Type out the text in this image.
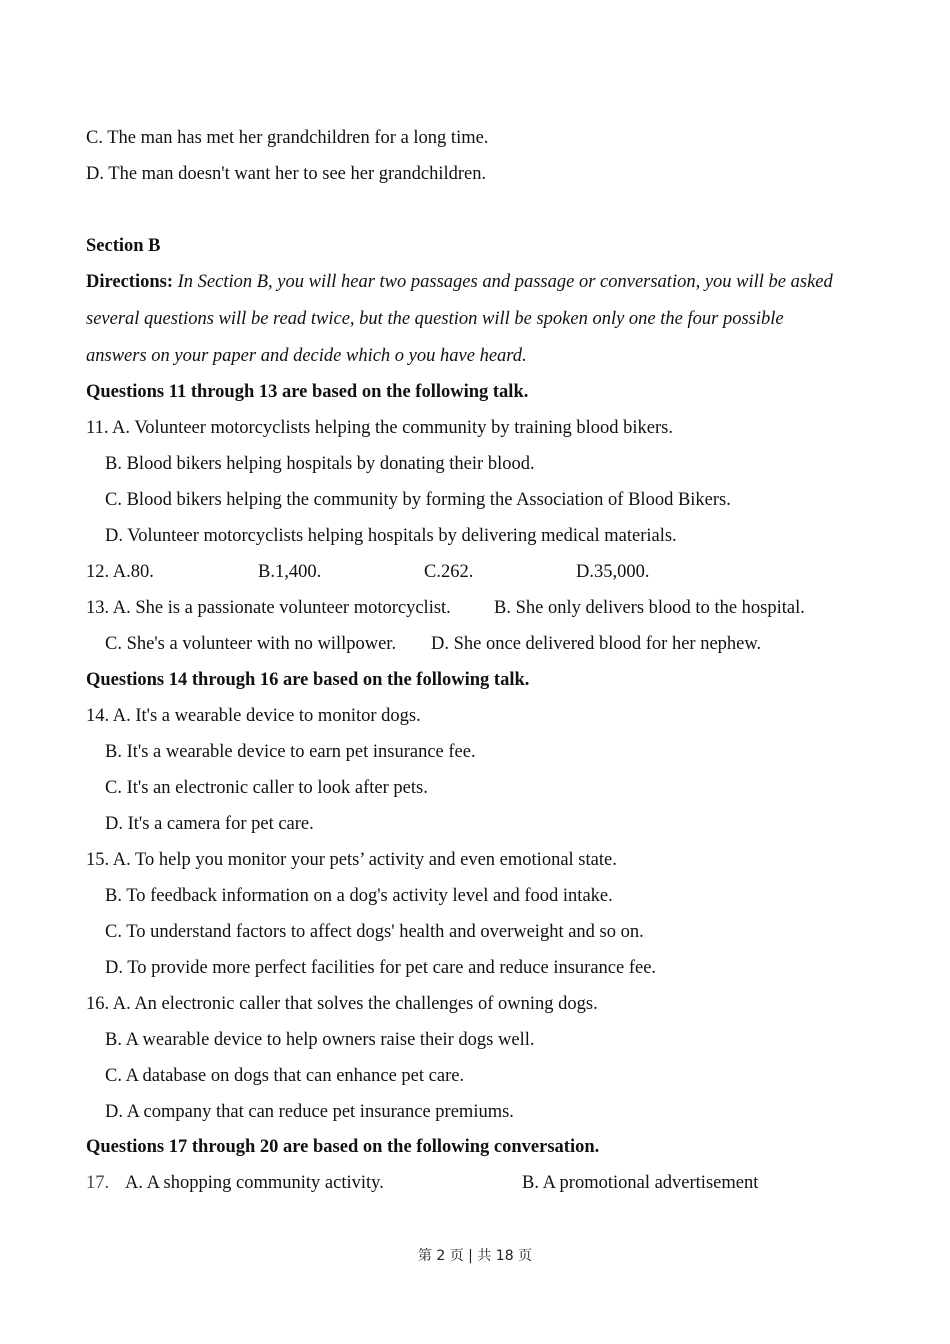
C. The man has met her grandchildren for a long time.
D. The man doesn't want her to see her grandchildren.
Section B
Directions: In Section B, you will hear two passages and passage or conversation, you will be asked
several questions will be read twice, but the question will be spoken only one the four possible
answers on your paper and decide which o you have heard.
Questions 11 through 13 are based on the following talk.
11. A. Volunteer motorcyclists helping the community by training blood bikers.
B. Blood bikers helping hospitals by donating their blood.
C. Blood bikers helping the community by forming the Association of Blood Bikers.
D. Volunteer motorcyclists helping hospitals by delivering medical materials.
12. A.80.	B.1,400.	C.262.	D.35,000.
13. A. She is a passionate volunteer motorcyclist. B. She only delivers blood to the hospital.
C. She's a volunteer with no willpower. D. She once delivered blood for her nephew.
Questions 14 through 16 are based on the following talk.
14. A. It's a wearable device to monitor dogs.
B. It's a wearable device to earn pet insurance fee.
C. It's an electronic caller to look after pets.
D. It's a camera for pet care.
15. A. To help you monitor your pets’ activity and even emotional state.
B. To feedback information on a dog's activity level and food intake.
C. To understand factors to affect dogs' health and overweight and so on.
D. To provide more perfect facilities for pet care and reduce insurance fee.
16. A. An electronic caller that solves the challenges of owning dogs.
B. A wearable device to help owners raise their dogs well.
C. A database on dogs that can enhance pet care.
D. A company that can reduce pet insurance premiums.
Questions 17 through 20 are based on the following conversation.
17. A. A shopping community activity.	B. A promotional advertisement
第 2 页 | 共 18 页
